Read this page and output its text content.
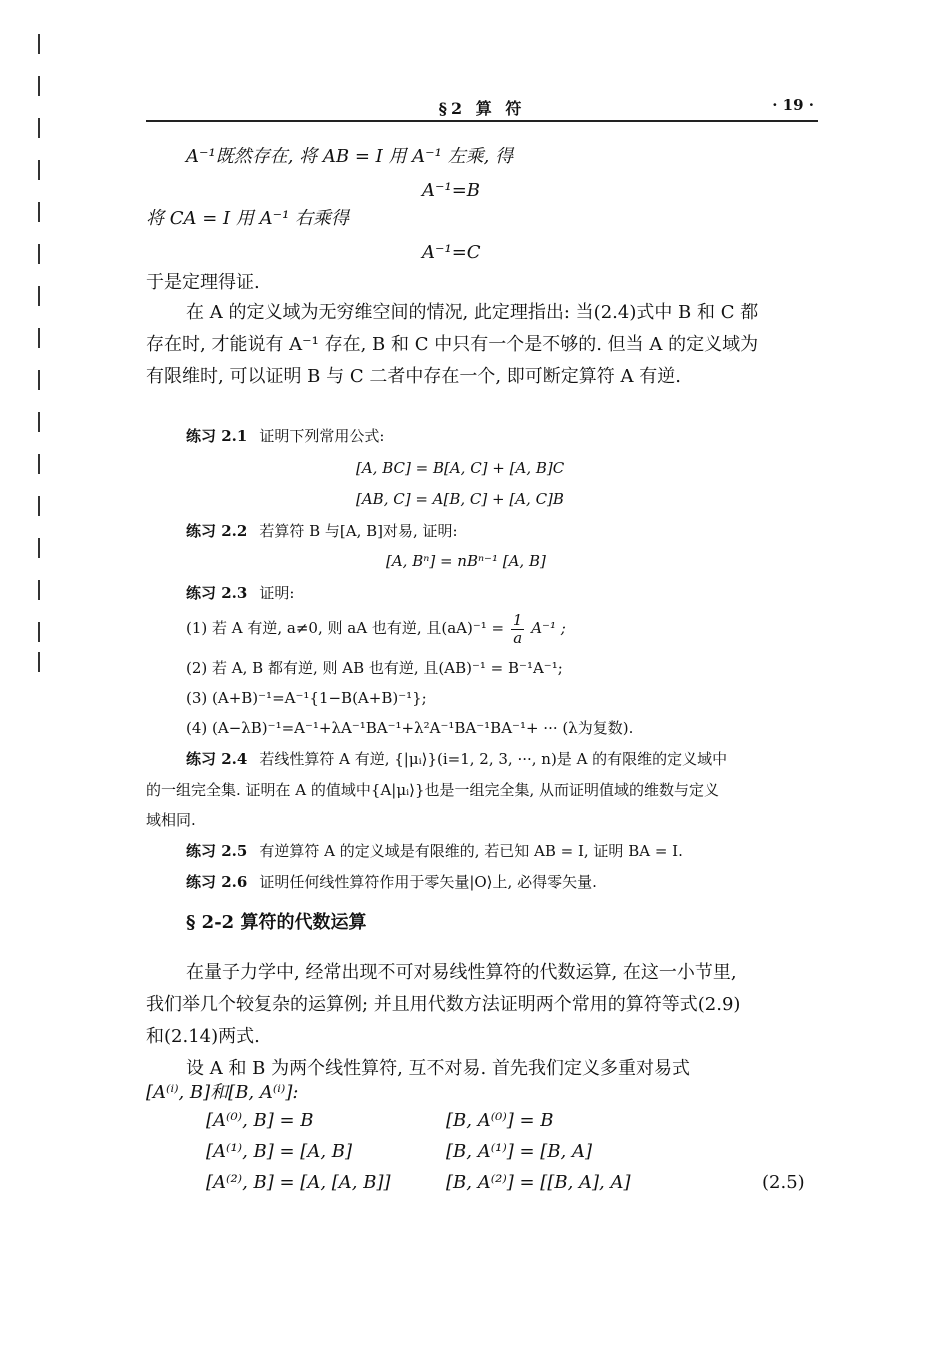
§2 算 符	· 19 ·
A⁻¹既然存在, 将 AB = I 用 A⁻¹ 左乘, 得
A⁻¹=B
将 CA = I 用 A⁻¹ 右乘得
A⁻¹=C
于是定理得证.
在 A 的定义域为无穷维空间的情况, 此定理指出: 当(2.4)式中 B 和 C 都
存在时, 才能说有 A⁻¹ 存在, B 和 C 中只有一个是不够的. 但当 A 的定义域为
有限维时, 可以证明 B 与 C 二者中存在一个, 即可断定算符 A 有逆.
练习 2.1 证明下列常用公式:
[A, BC] = B[A, C] + [A, B]C
[AB, C] = A[B, C] + [A, C]B
练习 2.2 若算符 B 与[A, B]对易, 证明:
[A, Bⁿ] = nBⁿ⁻¹ [A, B]
练习 2.3 证明:
(1) 若 A 有逆, a≠0, 则 aA 也有逆, 且$(aA)^{-1} = \frac{1}{a} A^{-1}$ ;
(2) 若 A, B 都有逆, 则 AB 也有逆, 且(AB)⁻¹ = B⁻¹A⁻¹;
(3) (A+B)⁻¹=A⁻¹{1−B(A+B)⁻¹};
(4) (A−λB)⁻¹=A⁻¹+λA⁻¹BA⁻¹+λ²A⁻¹BA⁻¹BA⁻¹+ ··· (λ为复数).
练习 2.4 若线性算符 A 有逆, {|μᵢ⟩}(i=1, 2, 3, ···, n)是 A 的有限维的定义域中
的一组完全集. 证明在 A 的值域中{A|μᵢ⟩}也是一组完全集, 从而证明值域的维数与定义
域相同.
练习 2.5 有逆算符 A 的定义域是有限维的, 若已知 AB = I, 证明 BA = I.
练习 2.6 证明任何线性算符作用于零矢量|O⟩上, 必得零矢量.
§ 2-2 算符的代数运算
在量子力学中, 经常出现不可对易线性算符的代数运算, 在这一小节里,
我们举几个较复杂的运算例; 并且用代数方法证明两个常用的算符等式(2.9)
和(2.14)两式.
设 A 和 B 为两个线性算符, 互不对易. 首先我们定义多重对易式
[A⁽ⁱ⁾, B]和[B, A⁽ⁱ⁾]:
[A⁽⁰⁾, B] = B	[B, A⁽⁰⁾] = B
[A⁽¹⁾, B] = [A, B]	[B, A⁽¹⁾] = [B, A]
[A⁽²⁾, B] = [A, [A, B]]	[B, A⁽²⁾] = [[B, A], A]	(2.5)
